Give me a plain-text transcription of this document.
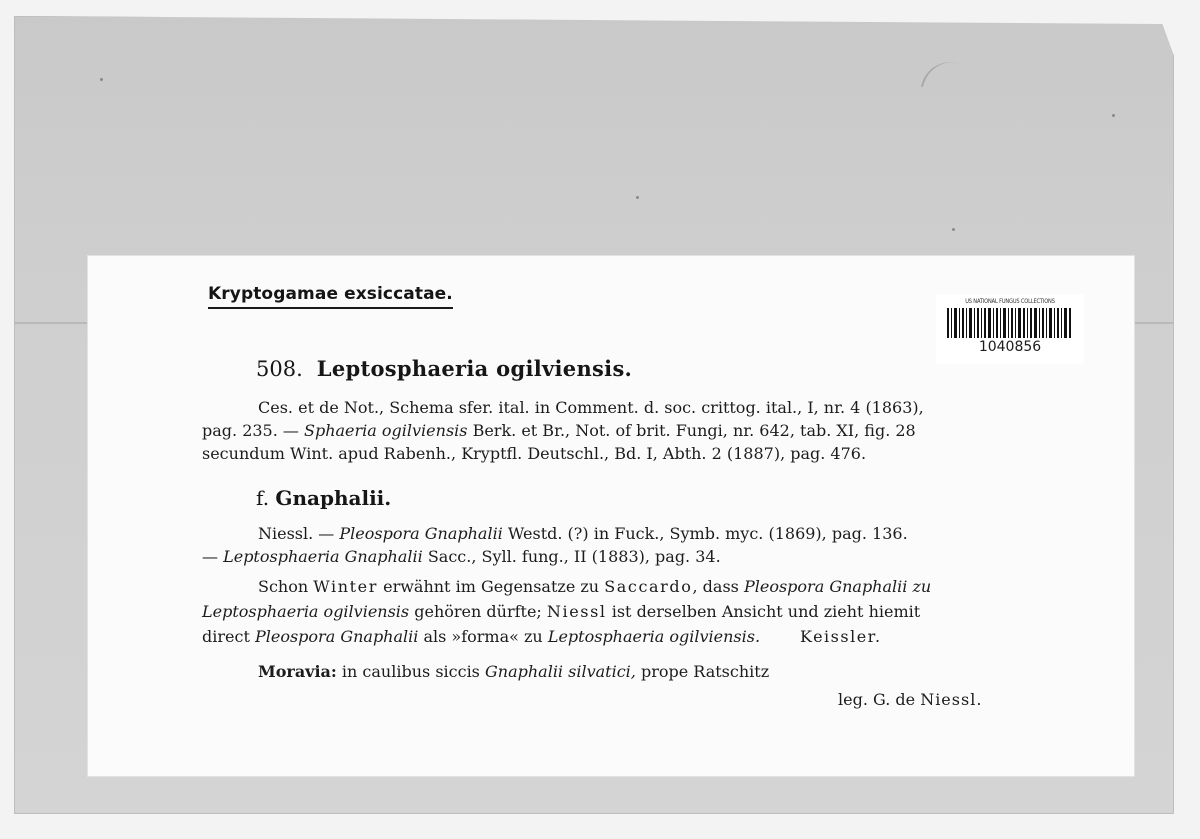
Kryptogamae exsiccatae.	US NATIONAL FUNGUS COLLECTIONS
1040856
508. Leptosphaeria ogilviensis.
Ces. et de Not., Schema sfer. ital. in Comment. d. soc. crittog. ital., I, nr. 4 (1863),
pag. 235. — Sphaeria ogilviensis Berk. et Br., Not. of brit. Fungi, nr. 642, tab. XI, fig. 28
secundum Wint. apud Rabenh., Kryptfl. Deutschl., Bd. I, Abth. 2 (1887), pag. 476.
f. Gnaphalii.
Niessl. — Pleospora Gnaphalii Westd. (?) in Fuck., Symb. myc. (1869), pag. 136.
— Leptosphaeria Gnaphalii Sacc., Syll. fung., II (1883), pag. 34.
Schon Winter erwähnt im Gegensatze zu Saccardo, dass Pleospora Gnaphalii zu
Leptosphaeria ogilviensis gehören dürfte; Niessl ist derselben Ansicht und zieht hiemit
direct Pleospora Gnaphalii als »forma« zu Leptosphaeria ogilviensis.	Keissler.
Moravia: in caulibus siccis Gnaphalii silvatici, prope Ratschitz
leg. G. de Niessl.
